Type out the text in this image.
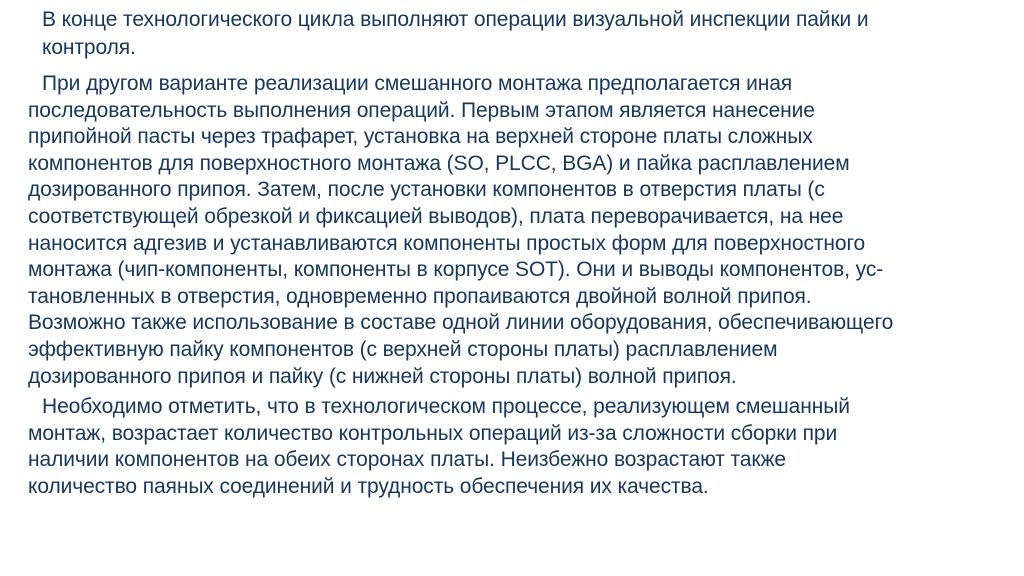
В конце технологического цикла выполняют операции визуальной инспекции пайки и
контроля.

При другом варианте реализации смешанного монтажа предполагается иная
последовательность выполнения операций. Первым этапом является нанесение
припойной пасты через трафарет, установка на верхней стороне платы сложных
компонентов для поверхностного монтажа (SO, PLCC, BGA) и пайка расплавлением
дозированного припоя. Затем, после установки компонентов в отверстия платы (с
соответствующей обрезкой и фиксацией выводов), плата переворачивается, на нее
наносится адгезив и устанавливаются компоненты простых форм для поверхностного
монтажа (чип-компоненты, компоненты в корпусе SOT). Они и выводы компонентов, ус-
тановленных в отверстия, одновременно пропаиваются двойной волной припоя.
Возможно также использование в составе одной линии оборудования, обеспечивающего
эффективную пайку компонентов (с верхней стороны платы) расплавлением
дозированного припоя и пайку (с нижней стороны платы) волной припоя.

Необходимо отметить, что в технологическом процессе, реализующем смешанный
монтаж, возрастает количество контрольных операций из-за сложности сборки при
наличии компонентов на обеих сторонах платы. Неизбежно возрастают также
количество паяных соединений и трудность обеспечения их качества.
